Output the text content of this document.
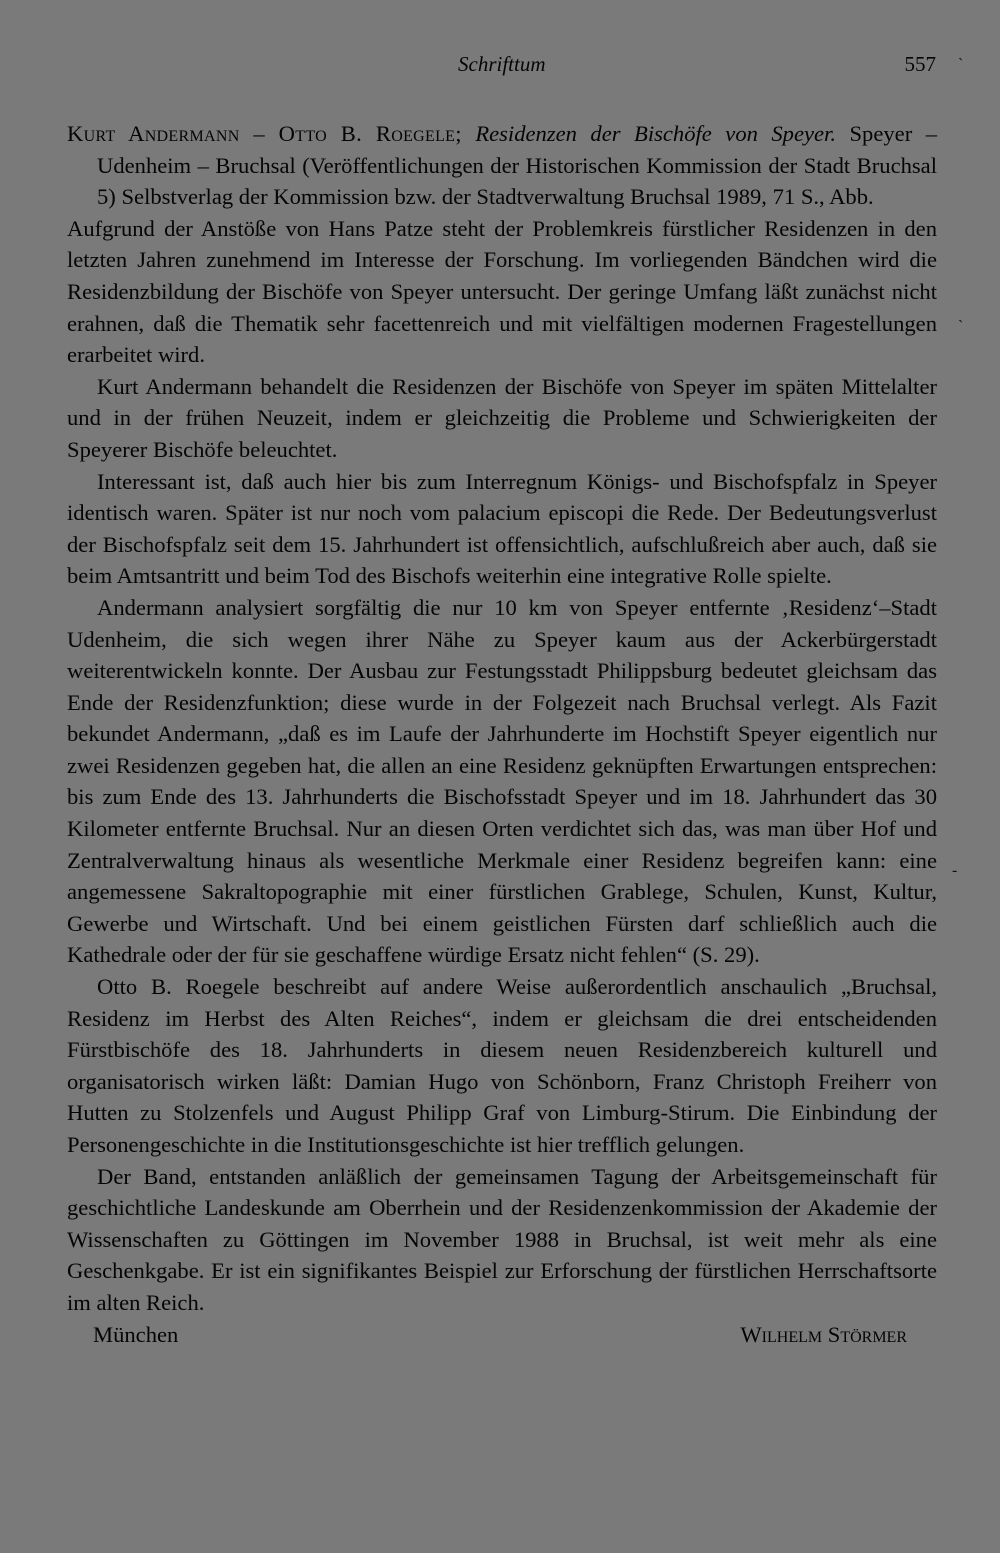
Schrifttum	557

Kurt Andermann – Otto B. Roegele; Residenzen der Bischöfe von Speyer. Speyer – Udenheim – Bruchsal (Veröffentlichungen der Historischen Kommission der Stadt Bruchsal 5) Selbstverlag der Kommission bzw. der Stadtverwaltung Bruchsal 1989, 71 S., Abb.

Aufgrund der Anstöße von Hans Patze steht der Problemkreis fürstlicher Residenzen in den letzten Jahren zunehmend im Interesse der Forschung. Im vorliegenden Bändchen wird die Residenzbildung der Bischöfe von Speyer untersucht. Der geringe Umfang läßt zunächst nicht erahnen, daß die Thematik sehr facettenreich und mit vielfältigen modernen Fragestellungen erarbeitet wird.

Kurt Andermann behandelt die Residenzen der Bischöfe von Speyer im späten Mittelalter und in der frühen Neuzeit, indem er gleichzeitig die Probleme und Schwierigkeiten der Speyerer Bischöfe beleuchtet.

Interessant ist, daß auch hier bis zum Interregnum Königs- und Bischofspfalz in Speyer identisch waren. Später ist nur noch vom palacium episcopi die Rede. Der Bedeutungsverlust der Bischofspfalz seit dem 15. Jahrhundert ist offensichtlich, aufschlußreich aber auch, daß sie beim Amtsantritt und beim Tod des Bischofs weiterhin eine integrative Rolle spielte.

Andermann analysiert sorgfältig die nur 10 km von Speyer entfernte ‚Residenz‘–Stadt Udenheim, die sich wegen ihrer Nähe zu Speyer kaum aus der Ackerbürgerstadt weiterentwickeln konnte. Der Ausbau zur Festungsstadt Philippsburg bedeutet gleichsam das Ende der Residenzfunktion; diese wurde in der Folgezeit nach Bruchsal verlegt. Als Fazit bekundet Andermann, „daß es im Laufe der Jahrhunderte im Hochstift Speyer eigentlich nur zwei Residenzen gegeben hat, die allen an eine Residenz geknüpften Erwartungen entsprechen: bis zum Ende des 13. Jahrhunderts die Bischofsstadt Speyer und im 18. Jahrhundert das 30 Kilometer entfernte Bruchsal. Nur an diesen Orten verdichtet sich das, was man über Hof und Zentralverwaltung hinaus als wesentliche Merkmale einer Residenz begreifen kann: eine angemessene Sakraltopographie mit einer fürstlichen Grablege, Schulen, Kunst, Kultur, Gewerbe und Wirtschaft. Und bei einem geistlichen Fürsten darf schließlich auch die Kathedrale oder der für sie geschaffene würdige Ersatz nicht fehlen“ (S. 29).

Otto B. Roegele beschreibt auf andere Weise außerordentlich anschaulich „Bruchsal, Residenz im Herbst des Alten Reiches“, indem er gleichsam die drei entscheidenden Fürstbischöfe des 18. Jahrhunderts in diesem neuen Residenzbereich kulturell und organisatorisch wirken läßt: Damian Hugo von Schönborn, Franz Christoph Freiherr von Hutten zu Stolzenfels und August Philipp Graf von Limburg-Stirum. Die Einbindung der Personengeschichte in die Institutionsgeschichte ist hier trefflich gelungen.

Der Band, entstanden anläßlich der gemeinsamen Tagung der Arbeitsgemeinschaft für geschichtliche Landeskunde am Oberrhein und der Residenzenkommission der Akademie der Wissenschaften zu Göttingen im November 1988 in Bruchsal, ist weit mehr als eine Geschenkgabe. Er ist ein signifikantes Beispiel zur Erforschung der fürstlichen Herrschaftsorte im alten Reich.

München	Wilhelm Störmer
ˋ
ˋ
-
